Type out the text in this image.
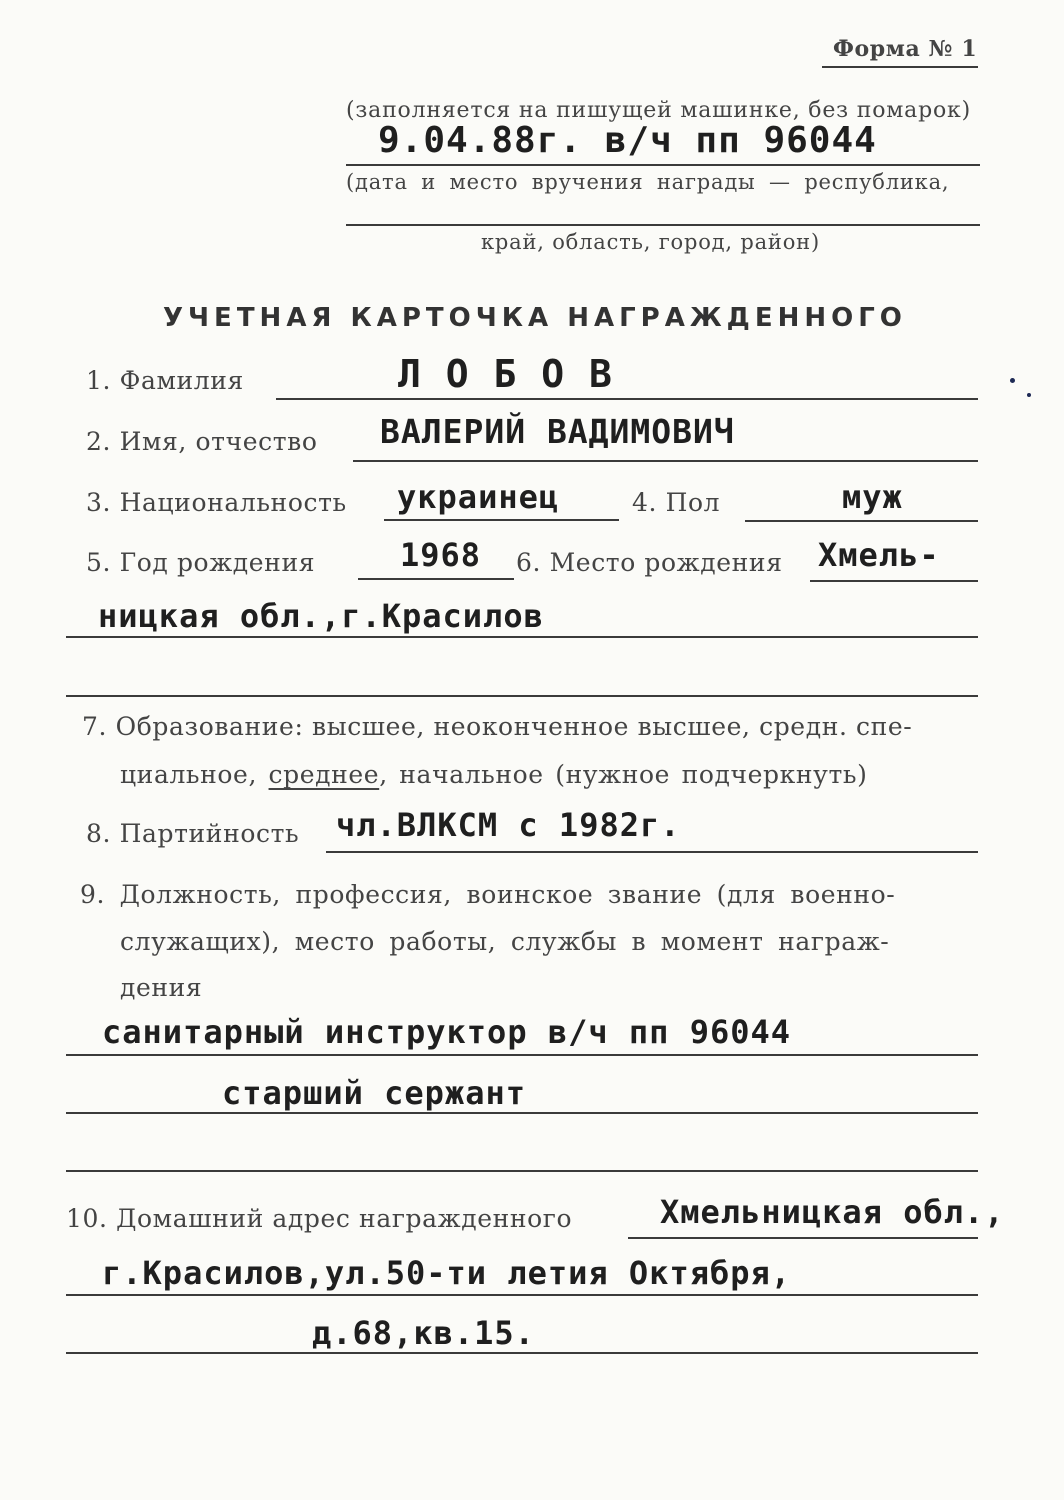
Форма № 1
(заполняется на пишущей машинке, без помарок)
9.04.88г. в/ч пп 96044
(дата и место вручения награды — республика,
край, область, город, район)
УЧЕТНАЯ КАРТОЧКА НАГРАЖДЕННОГО
1. Фамилия	Л О Б О В
2. Имя, отчество ВАЛЕРИЙ ВАДИМОВИЧ
3. Национальность украинец	4. Пол	муж
5. Год рождения	1968 6. Место рождения Хмель-
ницкая обл.,г.Красилов
7. Образование: высшее, неоконченное высшее, средн. спе-
циальное, среднее, начальное (нужное подчеркнуть)
8. Партийность чл.ВЛКСМ с 1982г.
9. Должность, профессия, воинское звание (для военно-
служащих), место работы, службы в момент награж-
дения
санитарный инструктор в/ч пп 96044
старший сержант
10. Домашний адрес награжденного	Хмельницкая обл.,
г.Красилов,ул.50-ти летия Октября,
д.68,кв.15.
